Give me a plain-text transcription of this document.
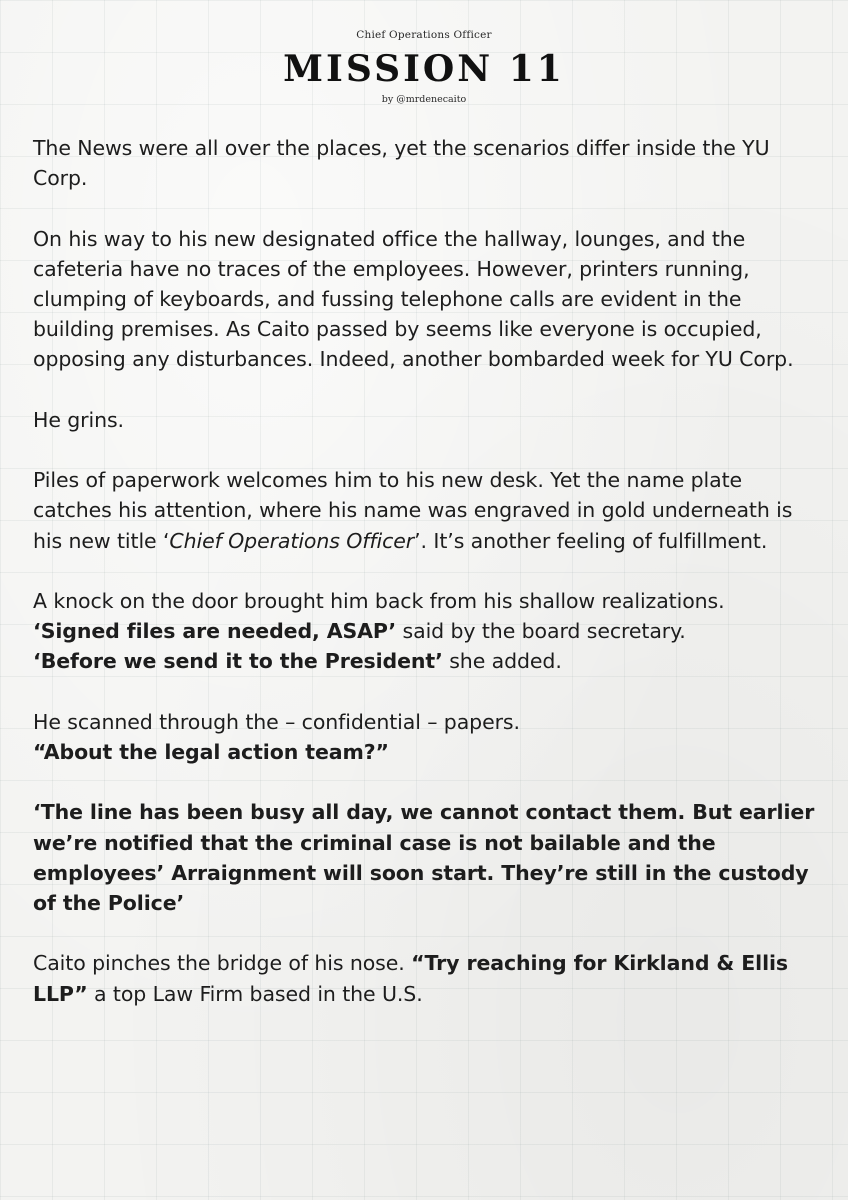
Chief Operations Officer

MISSION 11

by @mrdenecaito

The News were all over the places, yet the scenarios differ inside the YU Corp.

On his way to his new designated office the hallway, lounges, and the cafeteria have no traces of the employees. However, printers running, clumping of keyboards, and fussing telephone calls are evident in the building premises. As Caito passed by seems like everyone is occupied, opposing any disturbances. Indeed, another bombarded week for YU Corp.

He grins.

Piles of paperwork welcomes him to his new desk. Yet the name plate catches his attention, where his name was engraved in gold underneath is his new title ‘Chief Operations Officer’. It’s another feeling of fulfillment.

A knock on the door brought him back from his shallow realizations.
‘Signed files are needed, ASAP’ said by the board secretary.
‘Before we send it to the President’ she added.

He scanned through the – confidential – papers.
“About the legal action team?”

‘The line has been busy all day, we cannot contact them. But earlier we’re notified that the criminal case is not bailable and the employees’ Arraignment will soon start. They’re still in the custody of the Police’

Caito pinches the bridge of his nose. “Try reaching for Kirkland & Ellis LLP” a top Law Firm based in the U.S.
